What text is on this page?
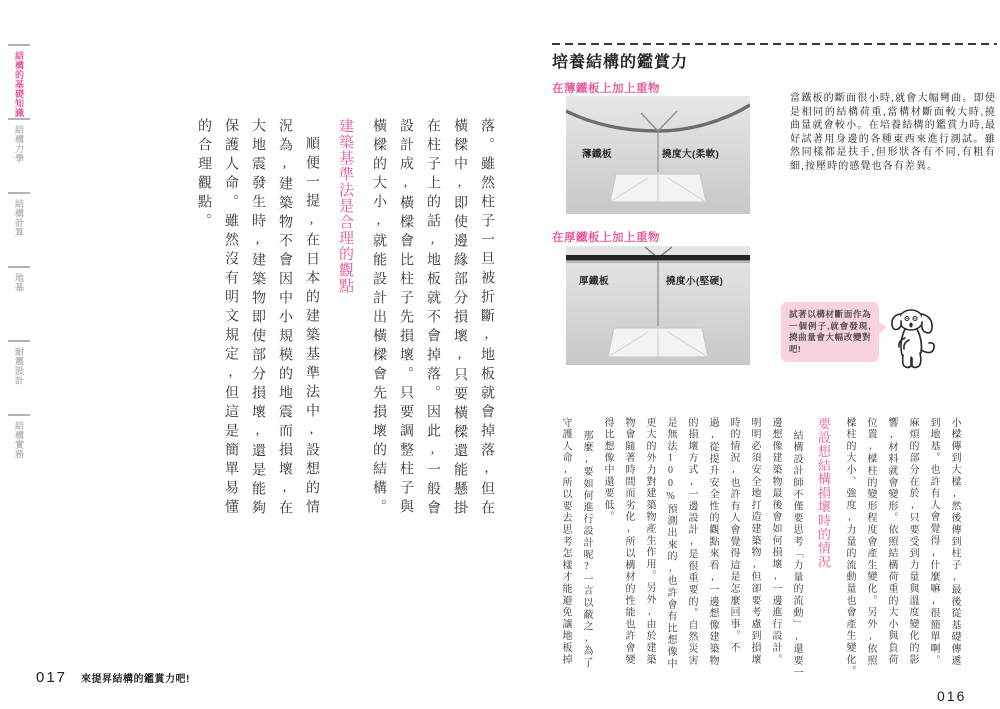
結構的基礎知識
結構力學
結構計算
地基
耐震設計
結構實務	落。雖然柱子一旦被折斷,地板就會掉落,但在
橫樑中,即使邊緣部分損壞,只要橫樑還能懸掛
在柱子上的話,地板就不會掉落。因此,一般會
設計成,橫樑會比柱子先損壞。只要調整柱子與
橫樑的大小,就能設計出橫樑會先損壞的結構。
建築基準法是合理的觀點
順便一提,在日本的建築基準法中,設想的情
況為,建築物不會因中小規模的地震而損壞,在
大地震發生時,建築物即使部分損壞,還是能夠
保護人命。雖然沒有明文規定,但這是簡單易懂
的合理觀點。
017 來提昇結構的鑑賞力吧!
培養結構的鑑賞力
在薄鐵板上加上重物
薄鐵板	撓度大(柔軟)
當鐵板的斷面很小時,就會大幅彎曲。即使是相同的結構荷重,當構材斷面較大時,撓曲量就會較小。在培養結構的鑑賞力時,最好試著用身邊的各種東西來進行測試。雖然同樣都是扶手,但形狀各有不同,有粗有細,按壓時的感覺也各有差異。
在厚鐵板上加上重物
厚鐵板	撓度小(堅硬)
試著以構材斷面作為一個例子,就會發現,撓曲量會大幅改變對吧!
小樑傳到大樑,然後傳到柱子,最後從基礎傳遞
到地基。也許有人會覺得,什麼嘛,很簡單啊。
麻煩的部分在於,只要受到力量與溫度變化的影
響,材料就會變形。依照結構荷重的大小與負荷
位置,樑柱的變形程度會產生變化。另外,依照
樑柱的大小、強度,力量的流動量也會產生變化。
要設想結構損壞時的情況
結構設計師不僅要思考「力量的流動」,還要一
邊想像建築物最後會如何損壞,一邊進行設計。
明明必須安全地打造建築物,但卻要考慮到損壞
時的情況,也許有人會覺得這是怎麼回事。不
過,從提升安全性的觀點來看,一邊想像建築物
的損壞方式,一邊設計,是很重要的。自然災害
是無法100%預測出來的,也許會有比想像中
更大的外力對建築物產生作用。另外,由於建築
物會隨著時間而劣化,所以構材的性能也許會變
得比想像中還要低。
那麼,要如何進行設計呢?一言以蔽之,為了
守護人命,所以要去思考怎樣才能避免讓地板掉
016
